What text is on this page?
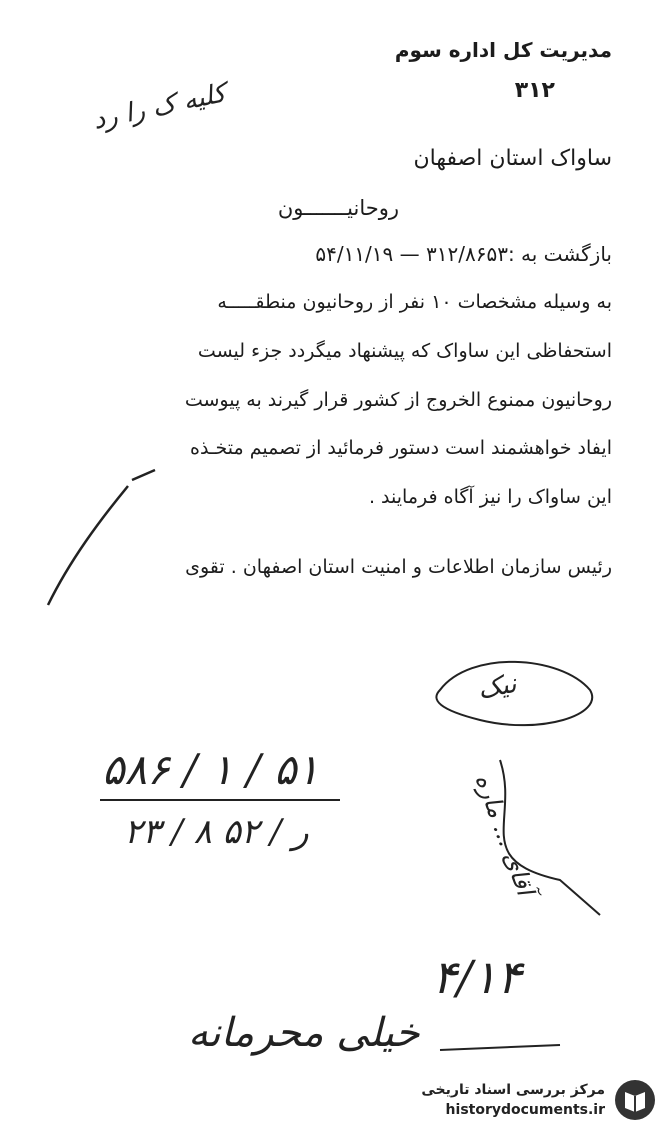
مدیریت کل اداره سوم
۳۱۲
کلیه ک را رد
ساواک استان اصفهان
روحانیـــــــون
بازگشت به :۳۱۲/۸۶۵۳ — ۵۴/۱۱/۱۹
به وسیله مشخصات ۱۰ نفر از روحانیون منطقـــــه
استحفاظی این ساواک که پیشنهاد میگردد جزء لیست
روحانیون ممنوع الخروج از کشور قرار گیرند به پیوست
ایفاد خواهشمند است دستور فرمائید از تصمیم متخـذه
این ساواک را نیز آگاه فرمایند .
رئیس سازمان اطلاعات و امنیت استان اصفهان . تقوی
نیک
۵۸۶ / ۱ / ۵۱
۲۳ / ۸ ر / ۵۲	آقای ... ماره
۴/۱۴
خیلی محرمانه
مرکز بررسی اسناد تاریخی
historydocuments.ir
